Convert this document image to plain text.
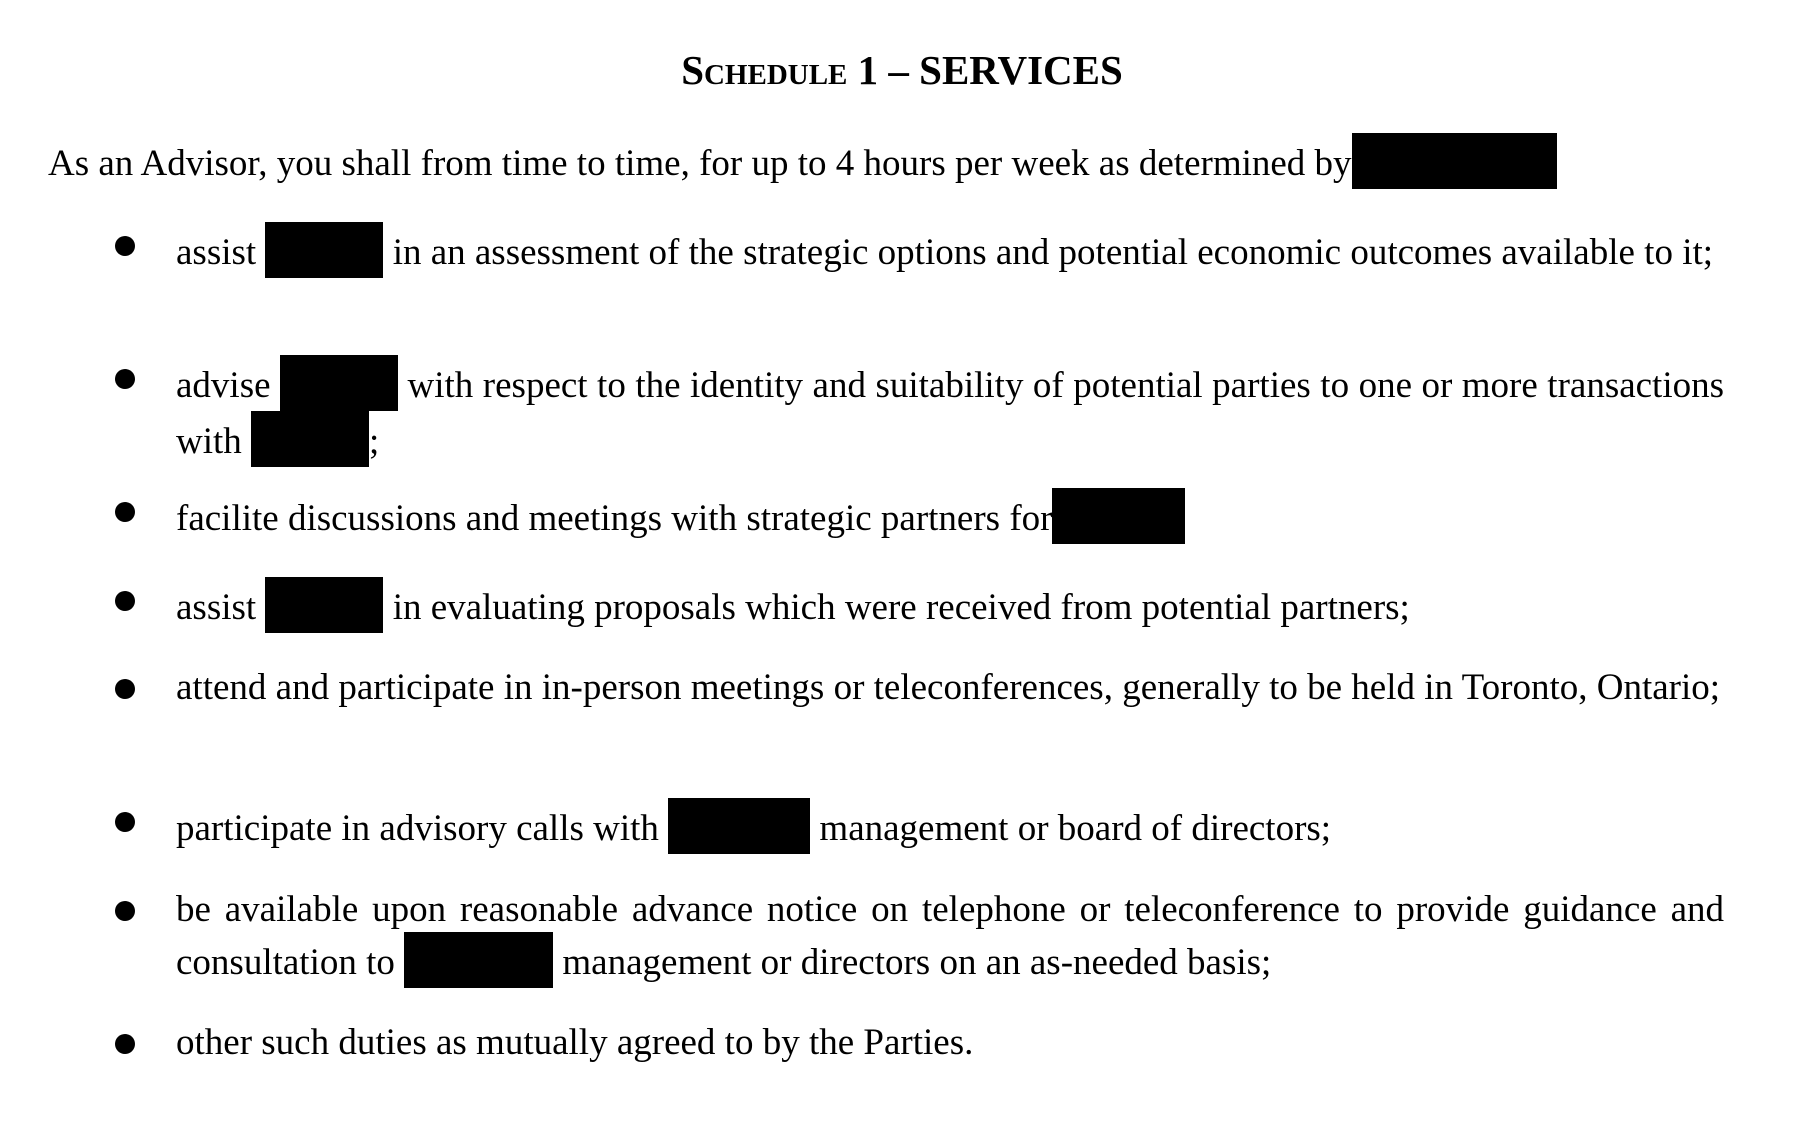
Schedule 1 – SERVICES

As an Advisor, you shall from time to time, for up to 4 hours per week as determined by

assist	in an assessment of the strategic options and potential economic outcomes available to it;
advise	with respect to the identity and suitability of potential parties to one or more transactions with	;
facilite discussions and meetings with strategic partners for
assist	in evaluating proposals which were received from potential partners;
attend and participate in in-person meetings or teleconferences, generally to be held in Toronto, Ontario;
participate in advisory calls with	management or board of directors;
be available upon reasonable advance notice on telephone or teleconference to provide guidance and consultation to	management or directors on an as-needed basis;
other such duties as mutually agreed to by the Parties.
